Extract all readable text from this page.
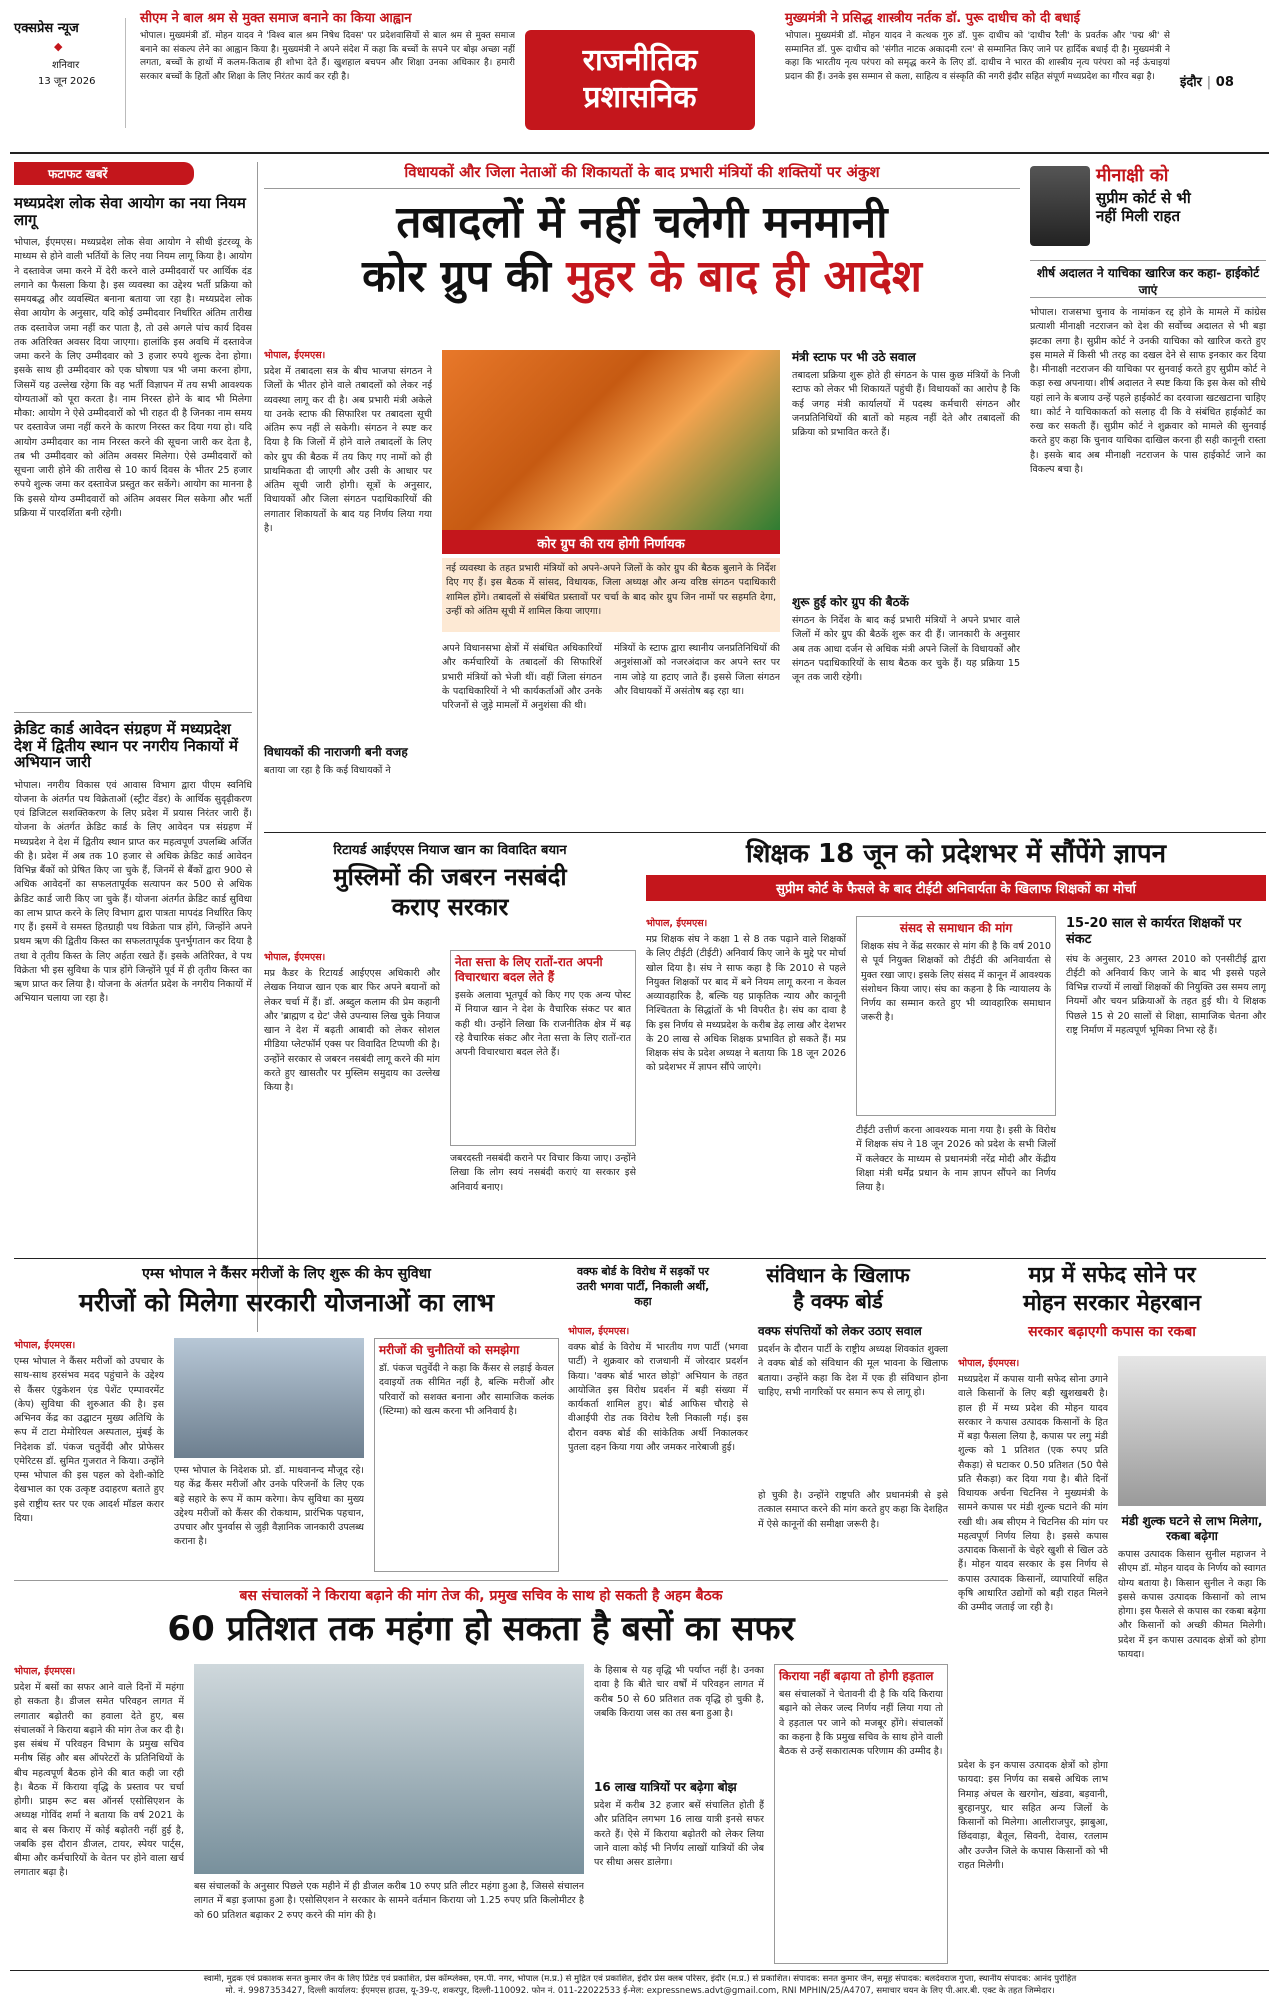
एक्सप्रेस न्यूज
◆
शनिवार
13 जून 2026
सीएम ने बाल श्रम से मुक्त समाज बनाने का किया आह्वान
भोपाल। मुख्यमंत्री डॉ. मोहन यादव ने 'विश्व बाल श्रम निषेध दिवस' पर प्रदेशवासियों से बाल श्रम से मुक्त समाज बनाने का संकल्प लेने का आह्वान किया है। मुख्यमंत्री ने अपने संदेश में कहा कि बच्चों के सपने पर बोझ अच्छा नहीं लगता, बच्चों के हाथों में कलम-किताब ही शोभा देते हैं। खुशहाल बचपन और शिक्षा उनका अधिकार है। हमारी सरकार बच्चों के हितों और शिक्षा के लिए निरंतर कार्य कर रही है।	राजनीतिक
प्रशासनिक
मुख्यमंत्री ने प्रसिद्ध शास्त्रीय नर्तक डॉ. पुरू दाधीच को दी बधाई
भोपाल। मुख्यमंत्री डॉ. मोहन यादव ने कत्थक गुरु डॉ. पुरू दाधीच को 'दाधीच रैली' के प्रवर्तक और 'पद्म श्री' से सम्मानित डॉ. पुरू दाधीच को 'संगीत नाटक अकादमी रत्न' से सम्मानित किए जाने पर हार्दिक बधाई दी है। मुख्यमंत्री ने कहा कि भारतीय नृत्य परंपरा को समृद्ध करने के लिए डॉ. दाधीच ने भारत की शास्त्रीय नृत्य परंपरा को नई ऊंचाइयां प्रदान की हैं। उनके इस सम्मान से कला, साहित्य व संस्कृति की नगरी इंदौर सहित संपूर्ण मध्यप्रदेश का गौरव बढ़ा है।	इंदौर | 08
फटाफट खबरें
मध्यप्रदेश लोक सेवा आयोग का नया नियम लागू
भोपाल, ईएमएस। मध्यप्रदेश लोक सेवा आयोग ने सीधी इंटरव्यू के माध्यम से होने वाली भर्तियों के लिए नया नियम लागू किया है। आयोग ने दस्तावेज जमा करने में देरी करने वाले उम्मीदवारों पर आर्थिक दंड लगाने का फैसला किया है। इस व्यवस्था का उद्देश्य भर्ती प्रक्रिया को समयबद्ध और व्यवस्थित बनाना बताया जा रहा है। मध्यप्रदेश लोक सेवा आयोग के अनुसार, यदि कोई उम्मीदवार निर्धारित अंतिम तारीख तक दस्तावेज जमा नहीं कर पाता है, तो उसे अगले पांच कार्य दिवस तक अतिरिक्त अवसर दिया जाएगा। हालांकि इस अवधि में दस्तावेज जमा करने के लिए उम्मीदवार को 3 हजार रुपये शुल्क देना होगा। इसके साथ ही उम्मीदवार को एक घोषणा पत्र भी जमा करना होगा, जिसमें यह उल्लेख रहेगा कि वह भर्ती विज्ञापन में तय सभी आवश्यक योग्यताओं को पूरा करता है। नाम निरस्त होने के बाद भी मिलेगा मौका: आयोग ने ऐसे उम्मीदवारों को भी राहत दी है जिनका नाम समय पर दस्तावेज जमा नहीं करने के कारण निरस्त कर दिया गया हो। यदि आयोग उम्मीदवार का नाम निरस्त करने की सूचना जारी कर देता है, तब भी उम्मीदवार को अंतिम अवसर मिलेगा। ऐसे उम्मीदवारों को सूचना जारी होने की तारीख से 10 कार्य दिवस के भीतर 25 हजार रुपये शुल्क जमा कर दस्तावेज प्रस्तुत कर सकेंगे। आयोग का मानना है कि इससे योग्य उम्मीदवारों को अंतिम अवसर मिल सकेगा और भर्ती प्रक्रिया में पारदर्शिता बनी रहेगी।
क्रेडिट कार्ड आवेदन संग्रहण में मध्यप्रदेश देश में द्वितीय स्थान पर नगरीय निकायों में अभियान जारी
भोपाल। नगरीय विकास एवं आवास विभाग द्वारा पीएम स्वनिधि योजना के अंतर्गत पथ विक्रेताओं (स्ट्रीट वेंडर) के आर्थिक सुदृढ़ीकरण एवं डिजिटल सशक्तिकरण के लिए प्रदेश में प्रयास निरंतर जारी हैं। योजना के अंतर्गत क्रेडिट कार्ड के लिए आवेदन पत्र संग्रहण में मध्यप्रदेश ने देश में द्वितीय स्थान प्राप्त कर महत्वपूर्ण उपलब्धि अर्जित की है। प्रदेश में अब तक 10 हजार से अधिक क्रेडिट कार्ड आवेदन विभिन्न बैंकों को प्रेषित किए जा चुके हैं, जिनमें से बैंकों द्वारा 900 से अधिक आवेदनों का सफलतापूर्वक सत्यापन कर 500 से अधिक क्रेडिट कार्ड जारी किए जा चुके हैं। योजना अंतर्गत क्रेडिट कार्ड सुविधा का लाभ प्राप्त करने के लिए विभाग द्वारा पात्रता मापदंड निर्धारित किए गए हैं। इसमें वे समस्त हितग्राही पथ विक्रेता पात्र होंगे, जिन्होंने अपने प्रथम ऋण की द्वितीय किस्त का सफलतापूर्वक पुनर्भुगतान कर दिया है तथा वे तृतीय किस्त के लिए अर्हता रखते हैं। इसके अतिरिक्त, वे पथ विक्रेता भी इस सुविधा के पात्र होंगे जिन्होंने पूर्व में ही तृतीय किस्त का ऋण प्राप्त कर लिया है। योजना के अंतर्गत प्रदेश के नगरीय निकायों में अभियान चलाया जा रहा है।
विधायकों और जिला नेताओं की शिकायतों के बाद प्रभारी मंत्रियों की शक्तियों पर अंकुश
तबादलों में नहीं चलेगी मनमानी
कोर ग्रुप की मुहर के बाद ही आदेश
भोपाल, ईएमएस।
प्रदेश में तबादला सत्र के बीच भाजपा संगठन ने जिलों के भीतर होने वाले तबादलों को लेकर नई व्यवस्था लागू कर दी है। अब प्रभारी मंत्री अकेले या उनके स्टाफ की सिफारिश पर तबादला सूची अंतिम रूप नहीं ले सकेगी। संगठन ने स्पष्ट कर दिया है कि जिलों में होने वाले तबादलों के लिए कोर ग्रुप की बैठक में तय किए गए नामों को ही प्राथमिकता दी जाएगी और उसी के आधार पर अंतिम सूची जारी होगी। सूत्रों के अनुसार, विधायकों और जिला संगठन पदाधिकारियों की लगातार शिकायतों के बाद यह निर्णय लिया गया है।
विधायकों की नाराजगी बनी वजह
बताया जा रहा है कि कई विधायकों ने
कोर ग्रुप की राय होगी निर्णायक
नई व्यवस्था के तहत प्रभारी मंत्रियों को अपने-अपने जिलों के कोर ग्रुप की बैठक बुलाने के निर्देश दिए गए हैं। इस बैठक में सांसद, विधायक, जिला अध्यक्ष और अन्य वरिष्ठ संगठन पदाधिकारी शामिल होंगे। तबादलों से संबंधित प्रस्तावों पर चर्चा के बाद कोर ग्रुप जिन नामों पर सहमति देगा, उन्हीं को अंतिम सूची में शामिल किया जाएगा।
अपने विधानसभा क्षेत्रों में संबंधित अधिकारियों और कर्मचारियों के तबादलों की सिफारिशें प्रभारी मंत्रियों को भेजी थीं। वहीं जिला संगठन के पदाधिकारियों ने भी कार्यकर्ताओं और उनके परिजनों से जुड़े मामलों में अनुशंसा की थी।
मंत्रियों के स्टाफ द्वारा स्थानीय जनप्रतिनिधियों की अनुशंसाओं को नजरअंदाज कर अपने स्तर पर नाम जोड़े या हटाए जाते हैं। इससे जिला संगठन और विधायकों में असंतोष बढ़ रहा था।
मंत्री स्टाफ पर भी उठे सवाल
तबादला प्रक्रिया शुरू होते ही संगठन के पास कुछ मंत्रियों के निजी स्टाफ को लेकर भी शिकायतें पहुंची हैं। विधायकों का आरोप है कि कई जगह मंत्री कार्यालयों में पदस्थ कर्मचारी संगठन और जनप्रतिनिधियों की बातों को महत्व नहीं देते और तबादलों की प्रक्रिया को प्रभावित करते हैं।
शुरू हुई कोर ग्रुप की बैठकें
संगठन के निर्देश के बाद कई प्रभारी मंत्रियों ने अपने प्रभार वाले जिलों में कोर ग्रुप की बैठकें शुरू कर दी हैं। जानकारी के अनुसार अब तक आधा दर्जन से अधिक मंत्री अपने जिलों के विधायकों और संगठन पदाधिकारियों के साथ बैठक कर चुके हैं। यह प्रक्रिया 15 जून तक जारी रहेगी।
मीनाक्षी को
सुप्रीम कोर्ट से भी
नहीं मिली राहत
शीर्ष अदालत ने याचिका खारिज कर कहा- हाईकोर्ट जाएं
भोपाल। राजसभा चुनाव के नामांकन रद्द होने के मामले में कांग्रेस प्रत्याशी मीनाक्षी नटराजन को देश की सर्वोच्च अदालत से भी बड़ा झटका लगा है। सुप्रीम कोर्ट ने उनकी याचिका को खारिज करते हुए इस मामले में किसी भी तरह का दखल देने से साफ इनकार कर दिया है। मीनाक्षी नटराजन की याचिका पर सुनवाई करते हुए सुप्रीम कोर्ट ने कड़ा रुख अपनाया। शीर्ष अदालत ने स्पष्ट किया कि इस केस को सीधे यहां लाने के बजाय उन्हें पहले हाईकोर्ट का दरवाजा खटखटाना चाहिए था। कोर्ट ने याचिकाकर्ता को सलाह दी कि वे संबंधित हाईकोर्ट का रुख कर सकती हैं। सुप्रीम कोर्ट ने शुक्रवार को मामले की सुनवाई करते हुए कहा कि चुनाव याचिका दाखिल करना ही सही कानूनी रास्ता है। इसके बाद अब मीनाक्षी नटराजन के पास हाईकोर्ट जाने का विकल्प बचा है।
रिटायर्ड आईएएस नियाज खान का विवादित बयान
मुस्लिमों की जबरन नसबंदी
कराए सरकार
भोपाल, ईएमएस।
मप्र कैडर के रिटायर्ड आईएएस अधिकारी और लेखक नियाज खान एक बार फिर अपने बयानों को लेकर चर्चा में हैं। डॉ. अब्दुल कलाम की प्रेम कहानी और 'ब्राह्मण द ग्रेट' जैसे उपन्यास लिख चुके नियाज खान ने देश में बढ़ती आबादी को लेकर सोशल मीडिया प्लेटफॉर्म एक्स पर विवादित टिप्पणी की है। उन्होंने सरकार से जबरन नसबंदी लागू करने की मांग करते हुए खासतौर पर मुस्लिम समुदाय का उल्लेख किया है।
नेता सत्ता के लिए रातों-रात अपनी विचारधारा बदल लेते हैं
इसके अलावा भूतपूर्व को किए गए एक अन्य पोस्ट में नियाज खान ने देश के वैचारिक संकट पर बात कही थी। उन्होंने लिखा कि राजनीतिक क्षेत्र में बढ़ रहे वैचारिक संकट और नेता सत्ता के लिए रातों-रात अपनी विचारधारा बदल लेते हैं।
जबरदस्ती नसबंदी कराने पर विचार किया जाए। उन्होंने लिखा कि लोग स्वयं नसबंदी कराएं या सरकार इसे अनिवार्य बनाए।
शिक्षक 18 जून को प्रदेशभर में सौंपेंगे ज्ञापन
सुप्रीम कोर्ट के फैसले के बाद टीईटी अनिवार्यता के खिलाफ शिक्षकों का मोर्चा
भोपाल, ईएमएस।
मप्र शिक्षक संघ ने कक्षा 1 से 8 तक पढ़ाने वाले शिक्षकों के लिए टीईटी (टीईटी) अनिवार्य किए जाने के मुद्दे पर मोर्चा खोल दिया है। संघ ने साफ कहा है कि 2010 से पहले नियुक्त शिक्षकों पर बाद में बने नियम लागू करना न केवल अव्यावहारिक है, बल्कि यह प्राकृतिक न्याय और कानूनी निश्चितता के सिद्धांतों के भी विपरीत है। संघ का दावा है कि इस निर्णय से मध्यप्रदेश के करीब डेढ़ लाख और देशभर के 20 लाख से अधिक शिक्षक प्रभावित हो सकते हैं। मप्र शिक्षक संघ के प्रदेश अध्यक्ष ने बताया कि 18 जून 2026 को प्रदेशभर में ज्ञापन सौंपे जाएंगे।
संसद से समाधान की मांग
शिक्षक संघ ने केंद्र सरकार से मांग की है कि वर्ष 2010 से पूर्व नियुक्त शिक्षकों को टीईटी की अनिवार्यता से मुक्त रखा जाए। इसके लिए संसद में कानून में आवश्यक संशोधन किया जाए। संघ का कहना है कि न्यायालय के निर्णय का सम्मान करते हुए भी व्यावहारिक समाधान जरूरी है।
टीईटी उत्तीर्ण करना आवश्यक माना गया है। इसी के विरोध में शिक्षक संघ ने 18 जून 2026 को प्रदेश के सभी जिलों में कलेक्टर के माध्यम से प्रधानमंत्री नरेंद्र मोदी और केंद्रीय शिक्षा मंत्री धर्मेंद्र प्रधान के नाम ज्ञापन सौंपने का निर्णय लिया है।
15-20 साल से कार्यरत शिक्षकों पर संकट
संघ के अनुसार, 23 अगस्त 2010 को एनसीटीई द्वारा टीईटी को अनिवार्य किए जाने के बाद भी इससे पहले विभिन्न राज्यों में लाखों शिक्षकों की नियुक्ति उस समय लागू नियमों और चयन प्रक्रियाओं के तहत हुई थी। ये शिक्षक पिछले 15 से 20 सालों से शिक्षा, सामाजिक चेतना और राष्ट्र निर्माण में महत्वपूर्ण भूमिका निभा रहे हैं।
एम्स भोपाल ने कैंसर मरीजों के लिए शुरू की केप सुविधा
मरीजों को मिलेगा सरकारी योजनाओं का लाभ
भोपाल, ईएमएस।
एम्स भोपाल ने कैंसर मरीजों को उपचार के साथ-साथ हरसंभव मदद पहुंचाने के उद्देश्य से कैंसर एंडुकेशन एंड पेशेंट एम्पावरमेंट (केप) सुविधा की शुरुआत की है। इस अभिनव केंद्र का उद्घाटन मुख्य अतिथि के रूप में टाटा मेमोरियल अस्पताल, मुंबई के निदेशक डॉ. पंकज चतुर्वेदी और प्रोफेसर एमेरिटस डॉ. सुमित गुजरात ने किया। उन्होंने एम्स भोपाल की इस पहल को देशी-कोटि देखभाल का एक उत्कृष्ट उदाहरण बताते हुए इसे राष्ट्रीय स्तर पर एक आदर्श मॉडल करार दिया।
एम्स भोपाल के निदेशक प्रो. डॉ. माधवानन्द मौजूद रहे। यह केंद्र कैंसर मरीजों और उनके परिजनों के लिए एक बड़े सहारे के रूप में काम करेगा। केप सुविधा का मुख्य उद्देश्य मरीजों को कैंसर की रोकथाम, प्रारंभिक पहचान, उपचार और पुनर्वास से जुड़ी वैज्ञानिक जानकारी उपलब्ध कराना है।
मरीजों की चुनौतियों को समझेगा
डॉ. पंकज चतुर्वेदी ने कहा कि कैंसर से लड़ाई केवल दवाइयों तक सीमित नहीं है, बल्कि मरीजों और परिवारों को सशक्त बनाना और सामाजिक कलंक (स्टिग्मा) को खत्म करना भी अनिवार्य है।
वक्फ बोर्ड के विरोध में सड़कों पर उतरी भगवा पार्टी, निकाली अर्थी, कहा
संविधान के खिलाफ
है वक्फ बोर्ड
भोपाल, ईएमएस।
वक्फ बोर्ड के विरोध में भारतीय गण पार्टी (भगवा पार्टी) ने शुक्रवार को राजधानी में जोरदार प्रदर्शन किया। 'वक्फ बोर्ड भारत छोड़ो' अभियान के तहत आयोजित इस विरोध प्रदर्शन में बड़ी संख्या में कार्यकर्ता शामिल हुए। बोर्ड आफिस चौराहे से वीआईपी रोड तक विरोध रैली निकाली गई। इस दौरान वक्फ बोर्ड की सांकेतिक अर्थी निकालकर पुतला दहन किया गया और जमकर नारेबाजी हुई।
वक्फ संपत्तियों को लेकर उठाए सवाल
प्रदर्शन के दौरान पार्टी के राष्ट्रीय अध्यक्ष शिवकांत शुक्ला ने वक्फ बोर्ड को संविधान की मूल भावना के खिलाफ बताया। उन्होंने कहा कि देश में एक ही संविधान होना चाहिए, सभी नागरिकों पर समान रूप से लागू हो।
हो चुकी है। उन्होंने राष्ट्रपति और प्रधानमंत्री से इसे तत्काल समाप्त करने की मांग करते हुए कहा कि देशहित में ऐसे कानूनों की समीक्षा जरूरी है।
मप्र में सफेद सोने पर
मोहन सरकार मेहरबान
सरकार बढ़ाएगी कपास का रकबा
भोपाल, ईएमएस।
मध्यप्रदेश में कपास यानी सफेद सोना उगाने वाले किसानों के लिए बड़ी खुशखबरी है। हाल ही में मध्य प्रदेश की मोहन यादव सरकार ने कपास उत्पादक किसानों के हित में बड़ा फैसला लिया है, कपास पर लगु मंडी शुल्क को 1 प्रतिशत (एक रुपए प्रति सैकड़ा) से घटाकर 0.50 प्रतिशत (50 पैसे प्रति सैकड़ा) कर दिया गया है। बीते दिनों विधायक अर्चना चिटनिस ने मुख्यमंत्री के सामने कपास पर मंडी शुल्क घटाने की मांग रखी थी। अब सीएम ने चिटनिस की मांग पर महत्वपूर्ण निर्णय लिया है। इससे कपास उत्पादक किसानों के चेहरे खुशी से खिल उठे हैं। मोहन यादव सरकार के इस निर्णय से कपास उत्पादक किसानों, व्यापारियों सहित कृषि आधारित उद्योगों को बड़ी राहत मिलने की उम्मीद जताई जा रही है।
प्रदेश के इन कपास उत्पादक क्षेत्रों को होगा फायदा: इस निर्णय का सबसे अधिक लाभ निमाड़ अंचल के खरगोन, खंडवा, बड़वानी, बुरहानपुर, धार सहित अन्य जिलों के किसानों को मिलेगा। आलीराजपुर, झाबुआ, छिंदवाड़ा, बैतूल, सिवनी, देवास, रतलाम और उज्जैन जिले के कपास किसानों को भी राहत मिलेगी।
मंडी शुल्क घटने से लाभ मिलेगा, रकबा बढ़ेगा
कपास उत्पादक किसान सुनील महाजन ने सीएम डॉ. मोहन यादव के निर्णय को स्वागत योग्य बताया है। किसान सुनील ने कहा कि इससे कपास उत्पादक किसानों को लाभ होगा। इस फैसले से कपास का रकबा बढ़ेगा और किसानों को अच्छी कीमत मिलेगी। प्रदेश में इन कपास उत्पादक क्षेत्रों को होगा फायदा।
बस संचालकों ने किराया बढ़ाने की मांग तेज की, प्रमुख सचिव के साथ हो सकती है अहम बैठक
60 प्रतिशत तक महंगा हो सकता है बसों का सफर
भोपाल, ईएमएस।
प्रदेश में बसों का सफर आने वाले दिनों में महंगा हो सकता है। डीजल समेत परिवहन लागत में लगातार बढ़ोतरी का हवाला देते हुए, बस संचालकों ने किराया बढ़ाने की मांग तेज कर दी है। इस संबंध में परिवहन विभाग के प्रमुख सचिव मनीष सिंह और बस ऑपरेटरों के प्रतिनिधियों के बीच महत्वपूर्ण बैठक होने की बात कही जा रही है। बैठक में किराया वृद्धि के प्रस्ताव पर चर्चा होगी। प्राइम रूट बस ऑनर्स एसोसिएशन के अध्यक्ष गोविंद शर्मा ने बताया कि वर्ष 2021 के बाद से बस किराए में कोई बढ़ोतरी नहीं हुई है, जबकि इस दौरान डीजल, टायर, स्पेयर पार्ट्स, बीमा और कर्मचारियों के वेतन पर होने वाला खर्च लगातार बढ़ा है।
बस संचालकों के अनुसार पिछले एक महीने में ही डीजल करीब 10 रुपए प्रति लीटर महंगा हुआ है, जिससे संचालन लागत में बड़ा इजाफा हुआ है। एसोसिएशन ने सरकार के सामने वर्तमान किराया जो 1.25 रुपए प्रति किलोमीटर है को 60 प्रतिशत बढ़ाकर 2 रुपए करने की मांग की है।
के हिसाब से यह वृद्धि भी पर्याप्त नहीं है। उनका दावा है कि बीते चार वर्षों में परिवहन लागत में करीब 50 से 60 प्रतिशत तक वृद्धि हो चुकी है, जबकि किराया जस का तस बना हुआ है।
16 लाख यात्रियों पर बढ़ेगा बोझ
प्रदेश में करीब 32 हजार बसें संचालित होती हैं और प्रतिदिन लगभग 16 लाख यात्री इनसे सफर करते हैं। ऐसे में किराया बढ़ोतरी को लेकर लिया जाने वाला कोई भी निर्णय लाखों यात्रियों की जेब पर सीधा असर डालेगा।
किराया नहीं बढ़ाया तो होगी हड़ताल
बस संचालकों ने चेतावनी दी है कि यदि किराया बढ़ाने को लेकर जल्द निर्णय नहीं लिया गया तो वे हड़ताल पर जाने को मजबूर होंगे। संचालकों का कहना है कि प्रमुख सचिव के साथ होने वाली बैठक से उन्हें सकारात्मक परिणाम की उम्मीद है।
स्वामी, मुद्रक एवं प्रकाशक सनत कुमार जैन के लिए प्रिंटेड एवं प्रकाशित, प्रेस कॉम्प्लेक्स, एम.पी. नगर, भोपाल (म.प्र.) से मुद्रित एवं प्रकाशित, इंदौर प्रेस क्लब परिसर, इंदौर (म.प्र.) से प्रकाशित। संपादक: सनत कुमार जैन, समूह संपादक: बलदेवराज गुप्ता, स्थानीय संपादक: आनंद पुरोहित
मो. नं. 9987353427, दिल्ली कार्यालय: ईएमएस हाउस, यू-39-ए, शकरपुर, दिल्ली-110092. फोन नं. 011-22022533 ई-मेल: expressnews.advt@gmail.com, RNI MPHIN/25/A4707, समाचार चयन के लिए पी.आर.बी. एक्ट के तहत जिम्मेदार।
